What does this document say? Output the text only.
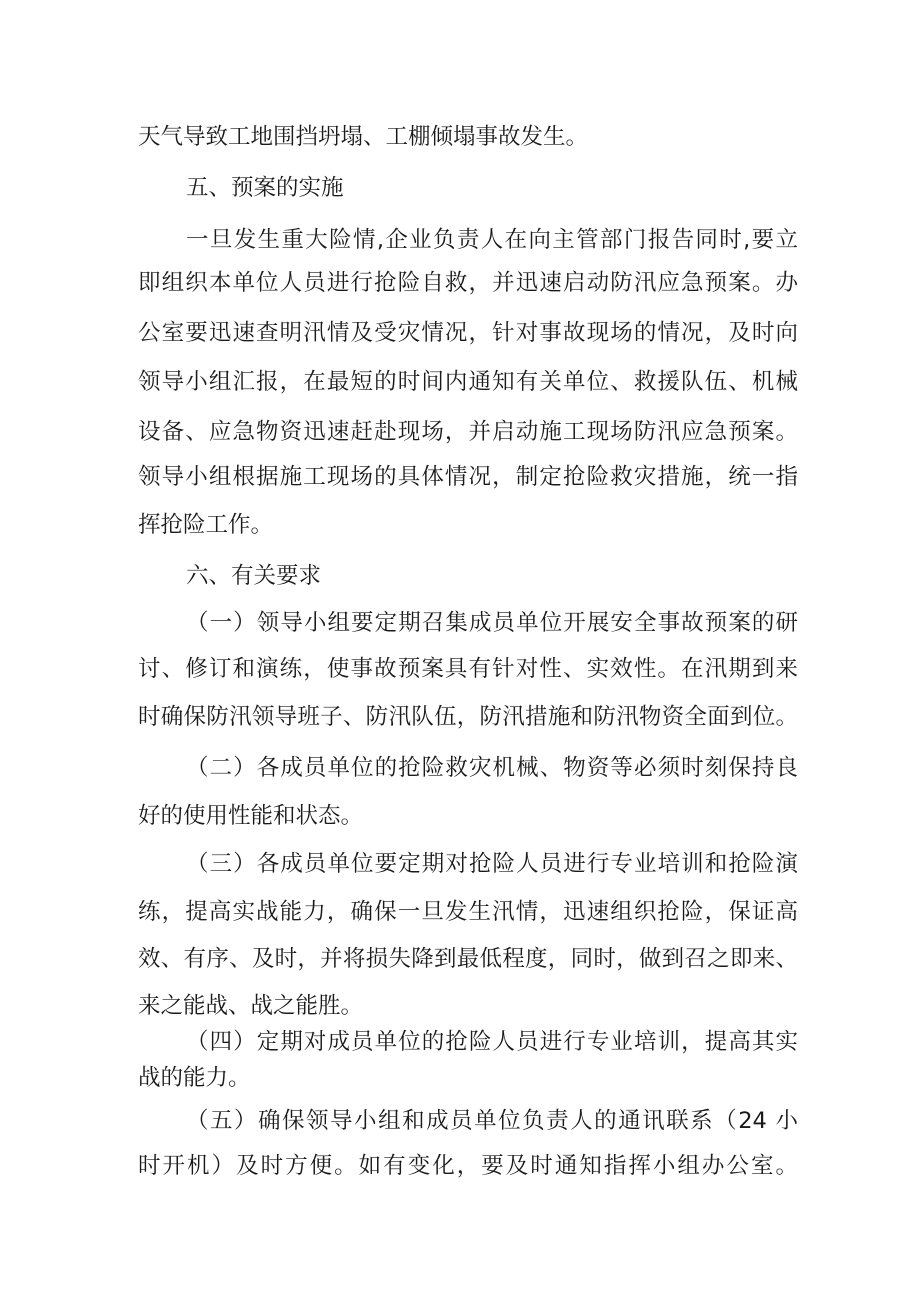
天气导致工地围挡坍塌、工棚倾塌事故发生。
五、预案的实施
一旦发生重大险情,企业负责人在向主管部门报告同时,要立
即组织本单位人员进行抢险自救，并迅速启动防汛应急预案。办
公室要迅速查明汛情及受灾情况，针对事故现场的情况，及时向
领导小组汇报，在最短的时间内通知有关单位、救援队伍、机械
设备、应急物资迅速赶赴现场，并启动施工现场防汛应急预案。
领导小组根据施工现场的具体情况，制定抢险救灾措施，统一指
挥抢险工作。
六、有关要求
（一）领导小组要定期召集成员单位开展安全事故预案的研
讨、修订和演练，使事故预案具有针对性、实效性。在汛期到来
时确保防汛领导班子、防汛队伍，防汛措施和防汛物资全面到位。
（二）各成员单位的抢险救灾机械、物资等必须时刻保持良
好的使用性能和状态。
（三）各成员单位要定期对抢险人员进行专业培训和抢险演
练，提高实战能力，确保一旦发生汛情，迅速组织抢险，保证高
效、有序、及时，并将损失降到最低程度，同时，做到召之即来、
来之能战、战之能胜。
（四）定期对成员单位的抢险人员进行专业培训，提高其实
战的能力。
（五）确保领导小组和成员单位负责人的通讯联系（24 小
时开机）及时方便。如有变化，要及时通知指挥小组办公室。
